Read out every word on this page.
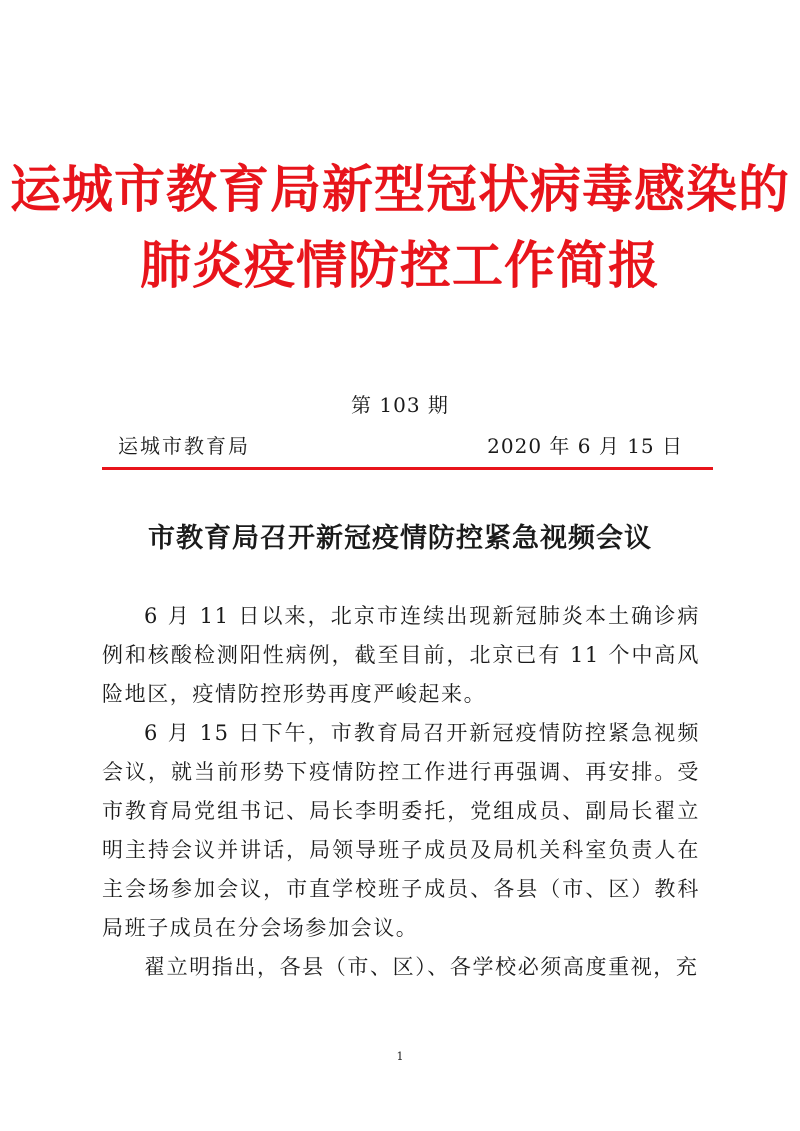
运城市教育局新型冠状病毒感染的
肺炎疫情防控工作简报
第 103 期
运城市教育局	2020 年 6 月 15 日
市教育局召开新冠疫情防控紧急视频会议

6 月 11 日以来，北京市连续出现新冠肺炎本土确诊病例和核酸检测阳性病例，截至目前，北京已有 11 个中高风险地区，疫情防控形势再度严峻起来。

6 月 15 日下午，市教育局召开新冠疫情防控紧急视频会议，就当前形势下疫情防控工作进行再强调、再安排。受市教育局党组书记、局长李明委托，党组成员、副局长翟立明主持会议并讲话，局领导班子成员及局机关科室负责人在主会场参加会议，市直学校班子成员、各县（市、区）教科局班子成员在分会场参加会议。

翟立明指出，各县（市、区）、各学校必须高度重视，充

1
